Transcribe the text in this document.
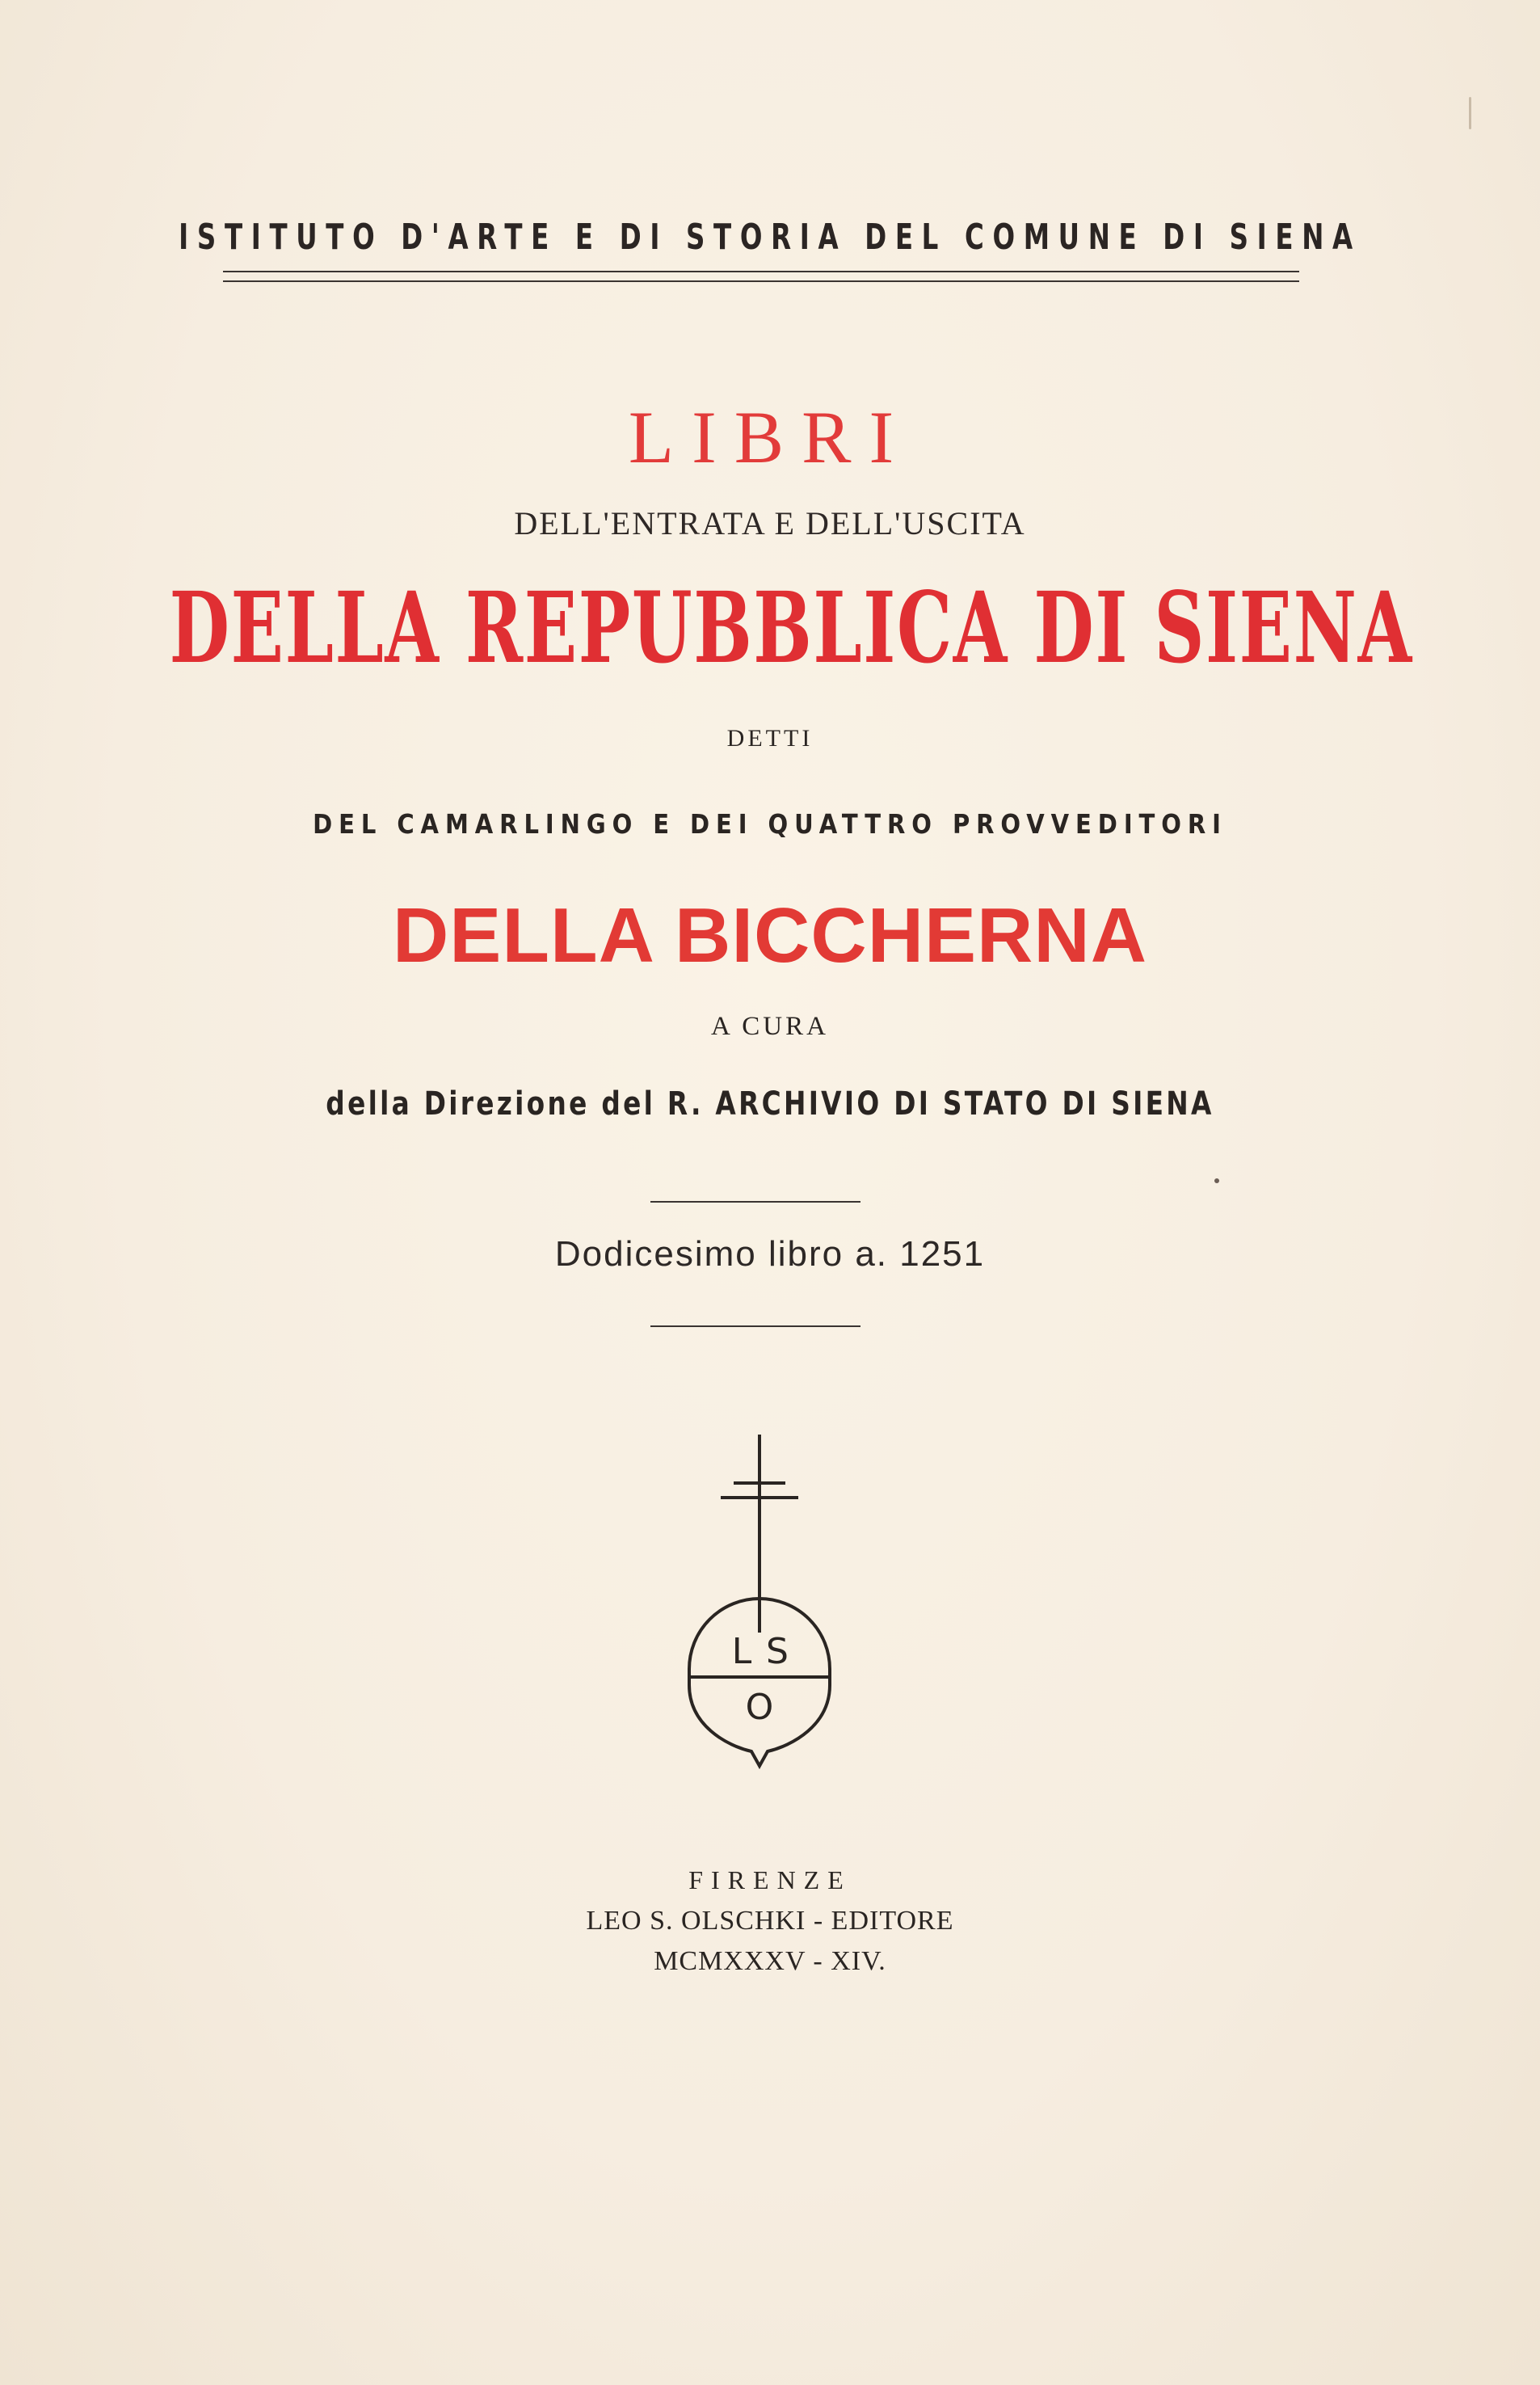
ISTITUTO D'ARTE E DI STORIA DEL COMUNE DI SIENA
LIBRI
DELL'ENTRATA E DELL'USCITA
DELLA REPUBBLICA DI SIENA
DETTI
DEL CAMARLINGO E DEI QUATTRO PROVVEDITORI
DELLA BICCHERNA
A CURA
della Direzione del R. ARCHIVIO DI STATO DI SIENA
Dodicesimo libro a. 1251
L S
O
FIRENZE
LEO S. OLSCHKI - EDITORE
MCMXXXV - XIV.
